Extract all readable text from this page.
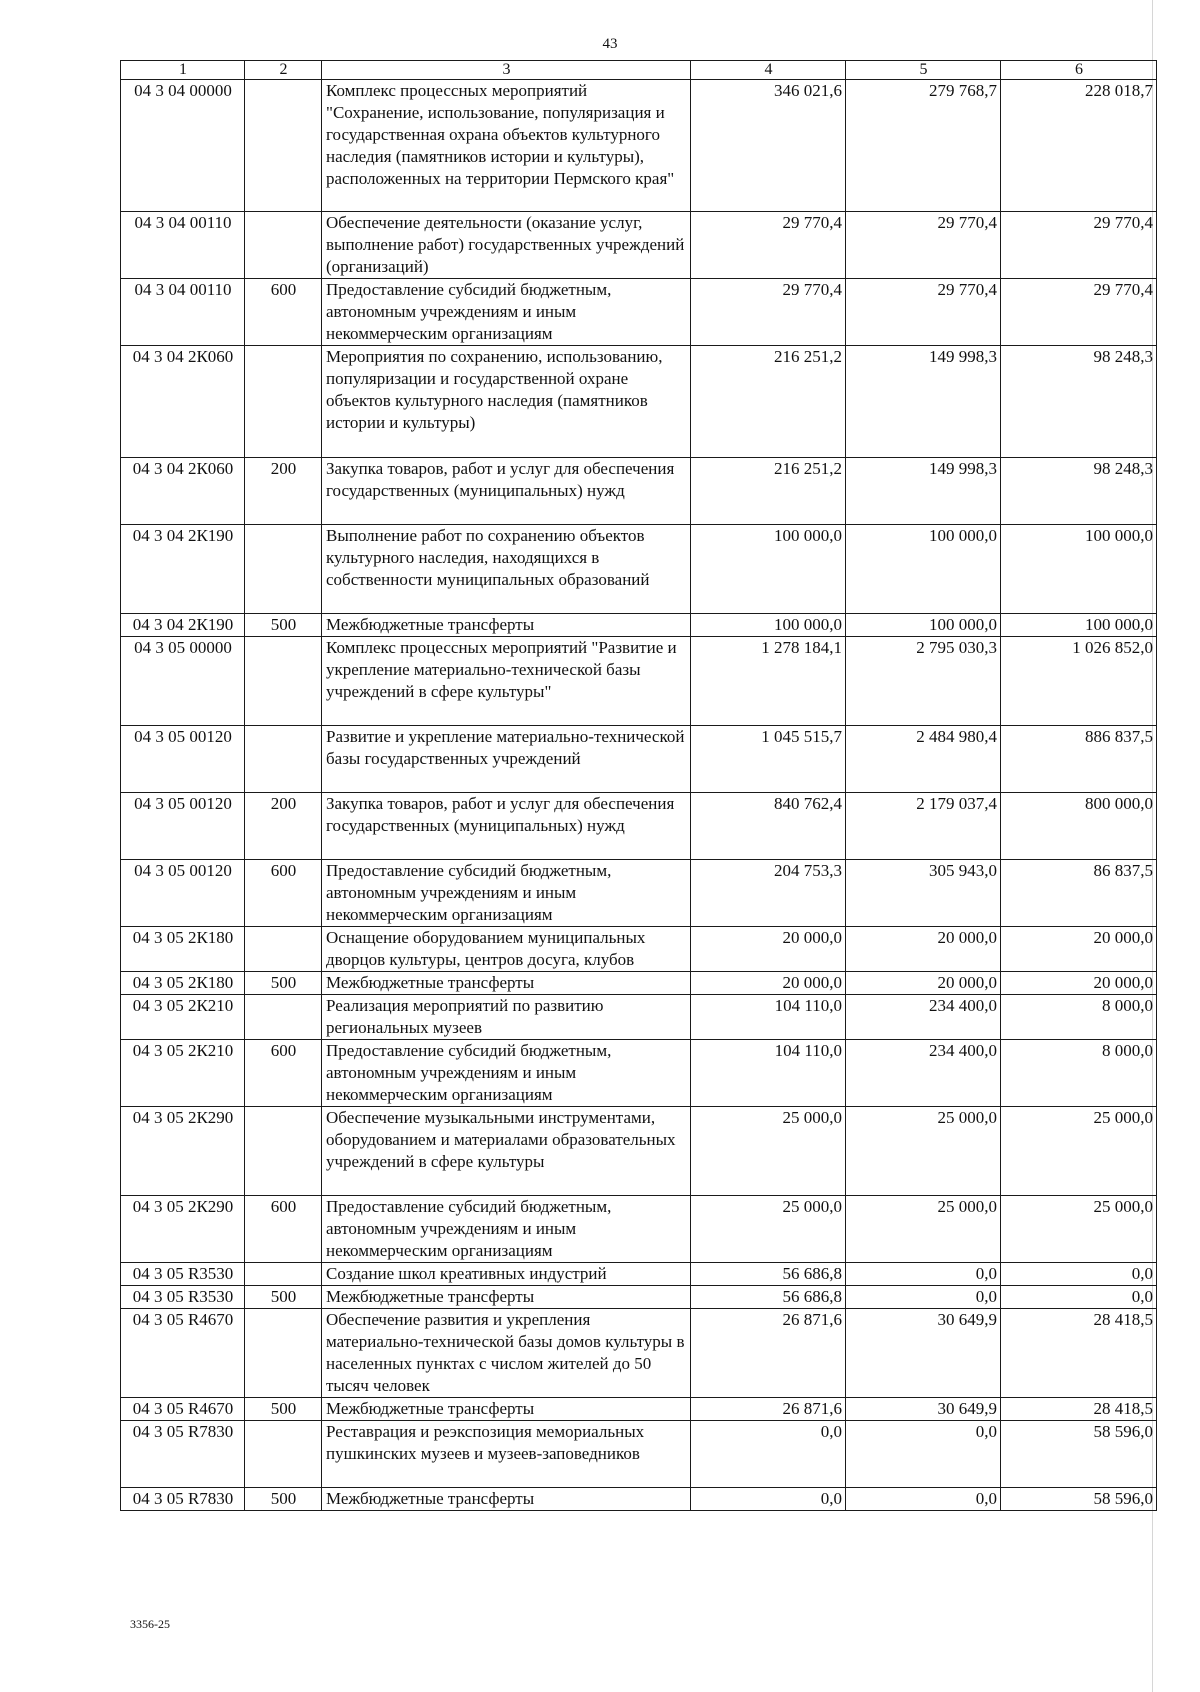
43
1	2	3	4	5	6
04 3 04 00000		Комплекс процессных мероприятий "Сохранение, использование, популяризация и государственная охрана объектов культурного наследия (памятников истории и культуры), расположенных на территории Пермского края"	346 021,6	279 768,7	228 018,7
04 3 04 00110		Обеспечение деятельности (оказание услуг, выполнение работ) государственных учреждений (организаций)	29 770,4	29 770,4	29 770,4
04 3 04 00110	600	Предоставление субсидий бюджетным, автономным учреждениям и иным некоммерческим организациям	29 770,4	29 770,4	29 770,4
04 3 04 2К060		Мероприятия по сохранению, использованию, популяризации и государственной охране объектов культурного наследия (памятников истории и культуры)	216 251,2	149 998,3	98 248,3
04 3 04 2К060	200	Закупка товаров, работ и услуг для обеспечения государственных (муниципальных) нужд	216 251,2	149 998,3	98 248,3
04 3 04 2К190		Выполнение работ по сохранению объектов культурного наследия, находящихся в собственности муниципальных образований	100 000,0	100 000,0	100 000,0
04 3 04 2К190	500	Межбюджетные трансферты	100 000,0	100 000,0	100 000,0
04 3 05 00000		Комплекс процессных мероприятий "Развитие и укрепление материально-технической базы учреждений в сфере культуры"	1 278 184,1	2 795 030,3	1 026 852,0
04 3 05 00120		Развитие и укрепление материально-технической базы государственных учреждений	1 045 515,7	2 484 980,4	886 837,5
04 3 05 00120	200	Закупка товаров, работ и услуг для обеспечения государственных (муниципальных) нужд	840 762,4	2 179 037,4	800 000,0
04 3 05 00120	600	Предоставление субсидий бюджетным, автономным учреждениям и иным некоммерческим организациям	204 753,3	305 943,0	86 837,5
04 3 05 2К180		Оснащение оборудованием муниципальных дворцов культуры, центров досуга, клубов	20 000,0	20 000,0	20 000,0
04 3 05 2К180	500	Межбюджетные трансферты	20 000,0	20 000,0	20 000,0
04 3 05 2К210		Реализация мероприятий по развитию региональных музеев	104 110,0	234 400,0	8 000,0
04 3 05 2К210	600	Предоставление субсидий бюджетным, автономным учреждениям и иным некоммерческим организациям	104 110,0	234 400,0	8 000,0
04 3 05 2К290		Обеспечение музыкальными инструментами, оборудованием и материалами образовательных учреждений в сфере культуры	25 000,0	25 000,0	25 000,0
04 3 05 2К290	600	Предоставление субсидий бюджетным, автономным учреждениям и иным некоммерческим организациям	25 000,0	25 000,0	25 000,0
04 3 05 R3530		Создание школ креативных индустрий	56 686,8	0,0	0,0
04 3 05 R3530	500	Межбюджетные трансферты	56 686,8	0,0	0,0
04 3 05 R4670		Обеспечение развития и укрепления материально-технической базы домов культуры в населенных пунктах с числом жителей до 50 тысяч человек	26 871,6	30 649,9	28 418,5
04 3 05 R4670	500	Межбюджетные трансферты	26 871,6	30 649,9	28 418,5
04 3 05 R7830		Реставрация и реэкспозиция мемориальных пушкинских музеев и музеев-заповедников	0,0	0,0	58 596,0
04 3 05 R7830	500	Межбюджетные трансферты	0,0	0,0	58 596,0
3356-25
